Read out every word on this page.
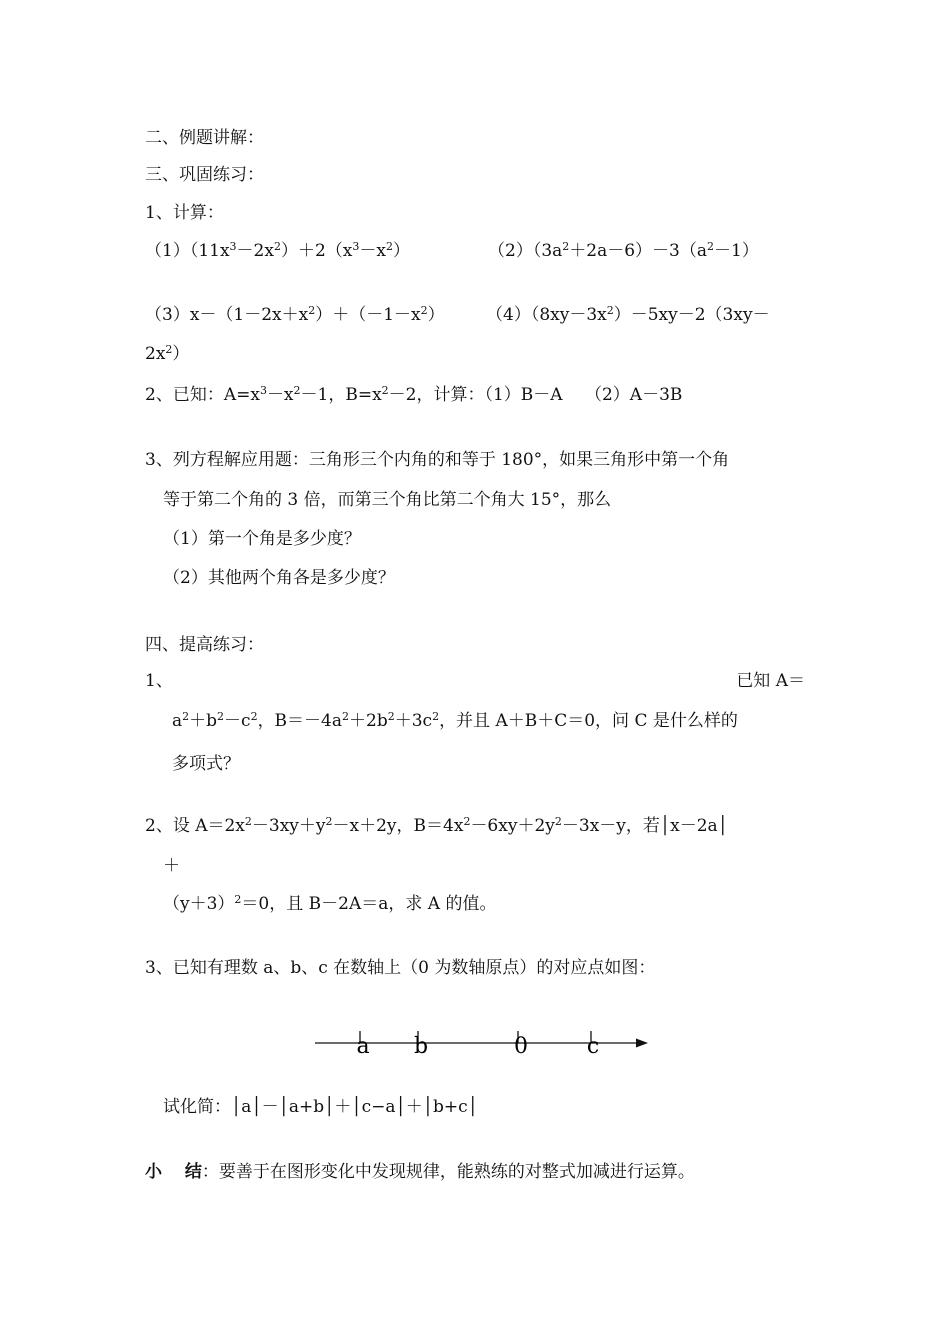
二、例题讲解：
三、巩固练习：
1、计算：
$(1)(11x^3-2x^2)+2(x^3-x^2)$	$(2)(3a^2+2a-6)-3(a^2-1)$
$(3)x-(1-2x+x^2)+(-1-x^2)$ $(4)(8xy-3x^2)-5xy-2(3xy-$
$2x^2$）
2、已知：$A=x^3-x^2-1$，$B=x^2-2$，计算：（1）B－A　 （2）A－3B
3、列方程解应用题：三角形三个内角的和等于 180°，如果三角形中第一个角
等于第二个角的 3 倍，而第三个角比第二个角大 15°，那么
（1）第一个角是多少度？
（2）其他两个角各是多少度？
四、提高练习：
1、	已知 A＝
$a^2+b^2-c^2$，$B=-4a^2+2b^2+3c^2$，并且 A＋B＋C＝0，问 C 是什么样的
多项式？
2、设 $A=2x^2-3xy+y^2-x+2y$，$B=4x^2-6xy+2y^2-3x-y$，若│x－2a│
＋
$(y+3)^2=0$，且 B－2A＝a，求 A 的值。
3、已知有理数 a、b、c 在数轴上（0 为数轴原点）的对应点如图：
a b	0	c
试化简：│a│－│a+b│＋│c−a│＋│b+c│
小　 结：要善于在图形变化中发现规律，能熟练的对整式加减进行运算。
